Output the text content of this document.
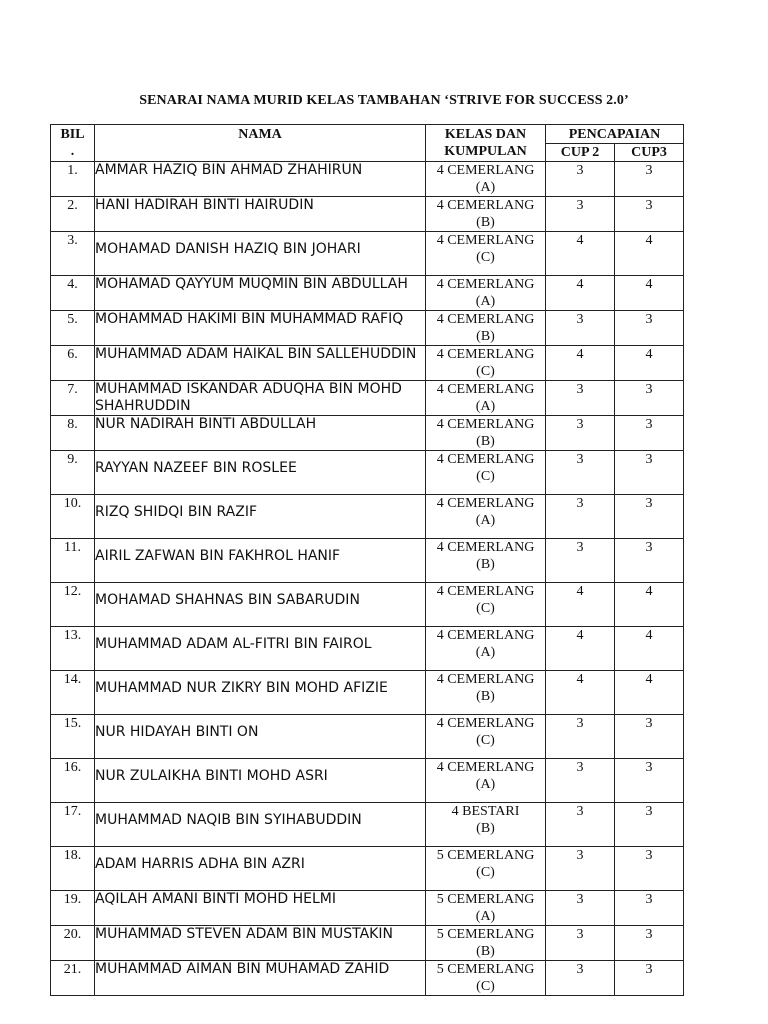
SENARAI NAMA MURID KELAS TAMBAHAN ‘STRIVE FOR SUCCESS 2.0’
BIL
.	NAMA	KELAS DAN
KUMPULAN	PENCAPAIAN	
			CUP 2	CUP3
1.	AMMAR HAZIQ BIN AHMAD ZHAHIRUN	4 CEMERLANG
(A)	3	3
2.	HANI HADIRAH BINTI HAIRUDIN	4 CEMERLANG
(B)	3	3
3.	MOHAMAD DANISH HAZIQ BIN JOHARI	4 CEMERLANG
(C)	4	4
4.	MOHAMAD QAYYUM MUQMIN BIN ABDULLAH	4 CEMERLANG
(A)	4	4
5.	MOHAMMAD HAKIMI BIN MUHAMMAD RAFIQ	4 CEMERLANG
(B)	3	3
6.	MUHAMMAD ADAM HAIKAL BIN SALLEHUDDIN	4 CEMERLANG
(C)	4	4
7.	MUHAMMAD ISKANDAR ADUQHA BIN MOHD SHAHRUDDIN	4 CEMERLANG
(A)	3	3
8.	NUR NADIRAH BINTI ABDULLAH	4 CEMERLANG
(B)	3	3
9.	RAYYAN NAZEEF BIN ROSLEE	4 CEMERLANG
(C)	3	3
10.	RIZQ SHIDQI BIN RAZIF	4 CEMERLANG
(A)	3	3
11.	AIRIL ZAFWAN BIN FAKHROL HANIF	4 CEMERLANG
(B)	3	3
12.	MOHAMAD SHAHNAS BIN SABARUDIN	4 CEMERLANG
(C)	4	4
13.	MUHAMMAD ADAM AL-FITRI BIN FAIROL	4 CEMERLANG
(A)	4	4
14.	MUHAMMAD NUR ZIKRY BIN MOHD AFIZIE	4 CEMERLANG
(B)	4	4
15.	NUR HIDAYAH BINTI ON	4 CEMERLANG
(C)	3	3
16.	NUR ZULAIKHA BINTI MOHD ASRI	4 CEMERLANG
(A)	3	3
17.	MUHAMMAD NAQIB BIN SYIHABUDDIN	4 BESTARI
(B)	3	3
18.	ADAM HARRIS ADHA BIN AZRI	5 CEMERLANG
(C)	3	3
19.	AQILAH AMANI BINTI MOHD HELMI	5 CEMERLANG
(A)	3	3
20.	MUHAMMAD STEVEN ADAM BIN MUSTAKIN	5 CEMERLANG
(B)	3	3
21.	MUHAMMAD AIMAN BIN MUHAMAD ZAHID	5 CEMERLANG
(C)	3	3
